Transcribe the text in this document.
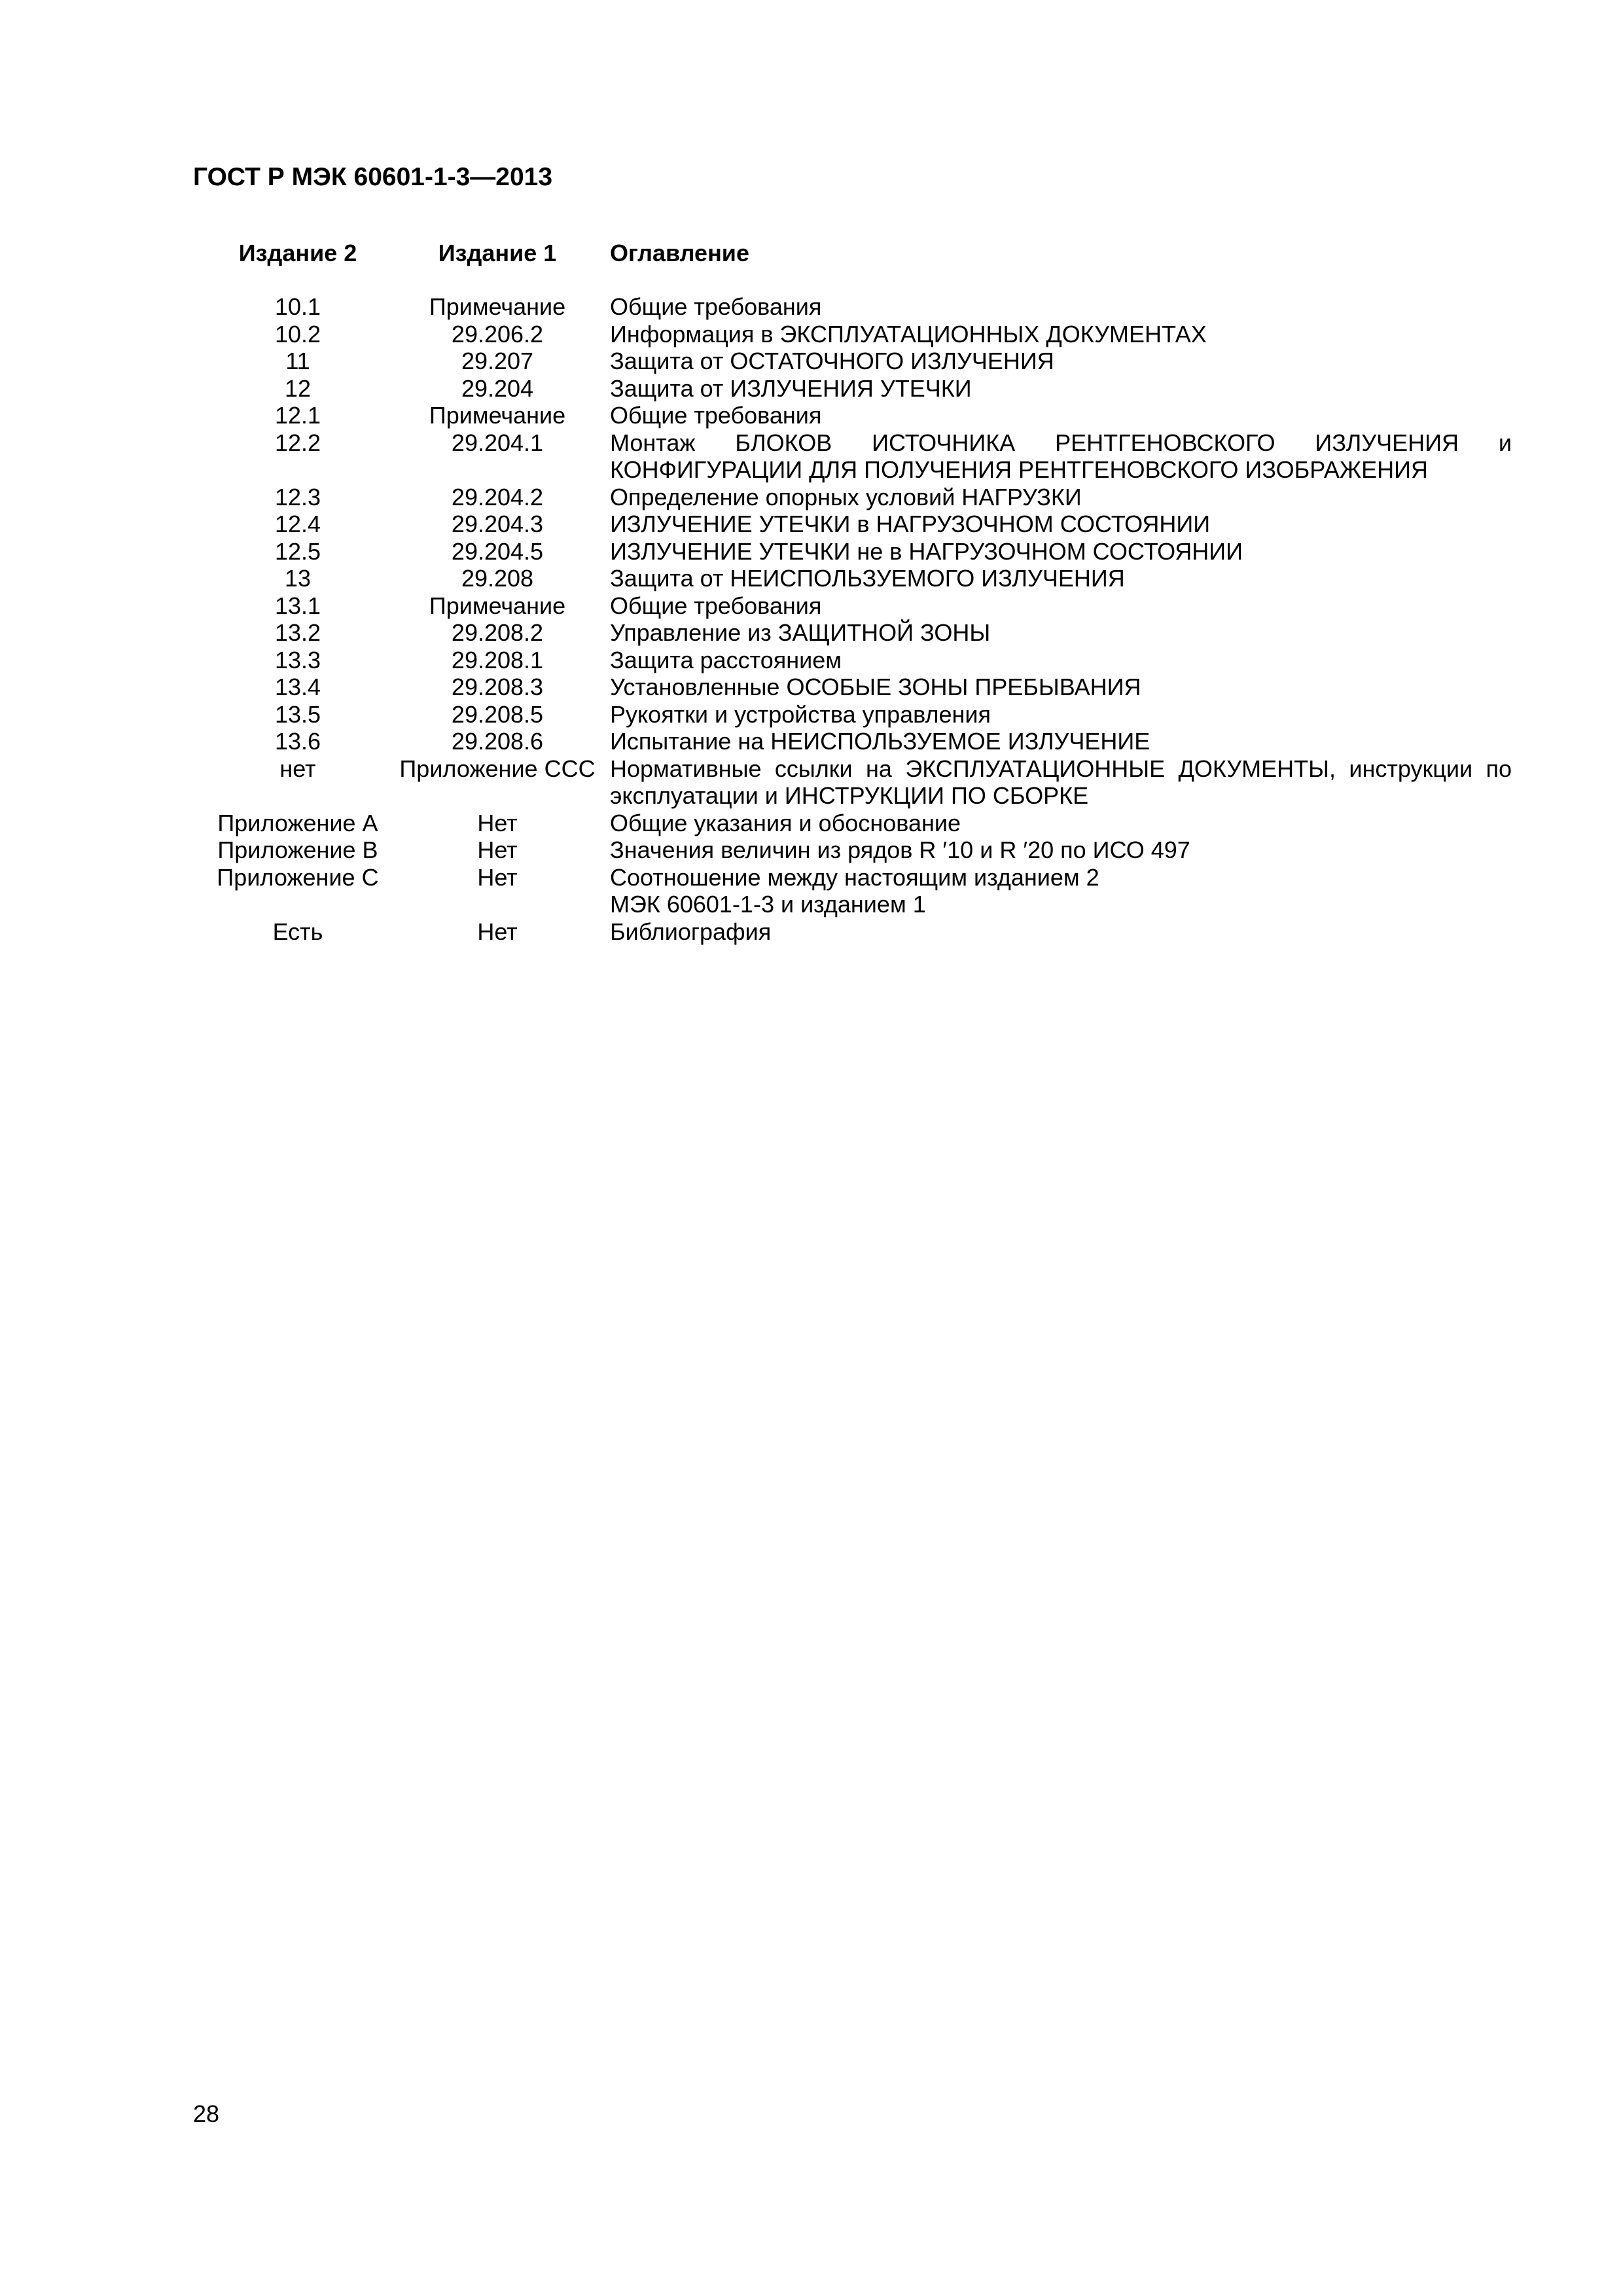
ГОСТ Р МЭК 60601-1-3—2013
Издание 2	Издание 1	Оглавление
10.1	Примечание	Общие требования
10.2	29.206.2	Информация в ЭКСПЛУАТАЦИОННЫХ ДОКУМЕНТАХ
11	29.207	Защита от ОСТАТОЧНОГО ИЗЛУЧЕНИЯ
12	29.204	Защита от ИЗЛУЧЕНИЯ УТЕЧКИ
12.1	Примечание	Общие требования
12.2	29.204.1	Монтаж БЛОКОВ ИСТОЧНИКА РЕНТГЕНОВСКОГО ИЗЛУЧЕНИЯ и КОНФИГУРАЦИИ ДЛЯ ПОЛУЧЕНИЯ РЕНТГЕНОВСКОГО ИЗОБРАЖЕНИЯ
12.3	29.204.2	Определение опорных условий НАГРУЗКИ
12.4	29.204.3	ИЗЛУЧЕНИЕ УТЕЧКИ в НАГРУЗОЧНОМ СОСТОЯНИИ
12.5	29.204.5	ИЗЛУЧЕНИЕ УТЕЧКИ не в НАГРУЗОЧНОМ СОСТОЯНИИ
13	29.208	Защита от НЕИСПОЛЬЗУЕМОГО ИЗЛУЧЕНИЯ
13.1	Примечание	Общие требования
13.2	29.208.2	Управление из ЗАЩИТНОЙ ЗОНЫ
13.3	29.208.1	Защита расстоянием
13.4	29.208.3	Установленные ОСОБЫЕ ЗОНЫ ПРЕБЫВАНИЯ
13.5	29.208.5	Рукоятки и устройства управления
13.6	29.208.6	Испытание на НЕИСПОЛЬЗУЕМОЕ ИЗЛУЧЕНИЕ
нет	Приложение ССС	Нормативные ссылки на ЭКСПЛУАТАЦИОННЫЕ ДОКУМЕНТЫ, инструкции по эксплуатации и ИНСТРУКЦИИ ПО СБОРКЕ
Приложение А	Нет	Общие указания и обоснование
Приложение В	Нет	Значения величин из рядов R ′10 и R ′20 по ИСО 497
Приложение С	Нет	Соотношение между настоящим изданием 2
МЭК 60601-1-3 и изданием 1
Есть	Нет	Библиография
28
